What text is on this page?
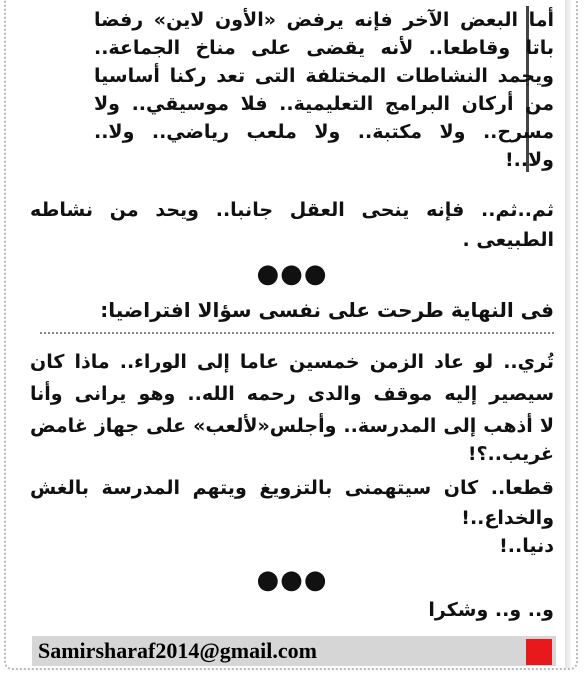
أما البعض الآخر فإنه يرفض «الأون لاين» رفضا
باتا وقاطعا.. لأنه يقضى على مناخ الجماعة..
ويجمد النشاطات المختلفة التى تعد ركنا أساسيا
من أركان البرامج التعليمية.. فلا موسيقي.. ولا
مسرح.. ولا مكتبة.. ولا ملعب رياضي.. ولا..
ولا..!
ثم..ثم.. فإنه ينحى العقل جانبا.. ويحد من نشاطه
الطبيعى .
●●●
فى النهاية طرحت على نفسى سؤالا افتراضيا:
تُري.. لو عاد الزمن خمسين عاما إلى الوراء.. ماذا كان
سيصير إليه موقف والدى رحمه الله.. وهو يرانى وأنا
لا أذهب إلى المدرسة.. وأجلس«لألعب» على جهاز غامض
غريب..؟!
قطعا.. كان سيتهمنى بالتزويغ ويتهم المدرسة بالغش
والخداع..!
دنيا..!
●●●
و.. و.. وشكرا
Samirsharaf2014@gmail.com
